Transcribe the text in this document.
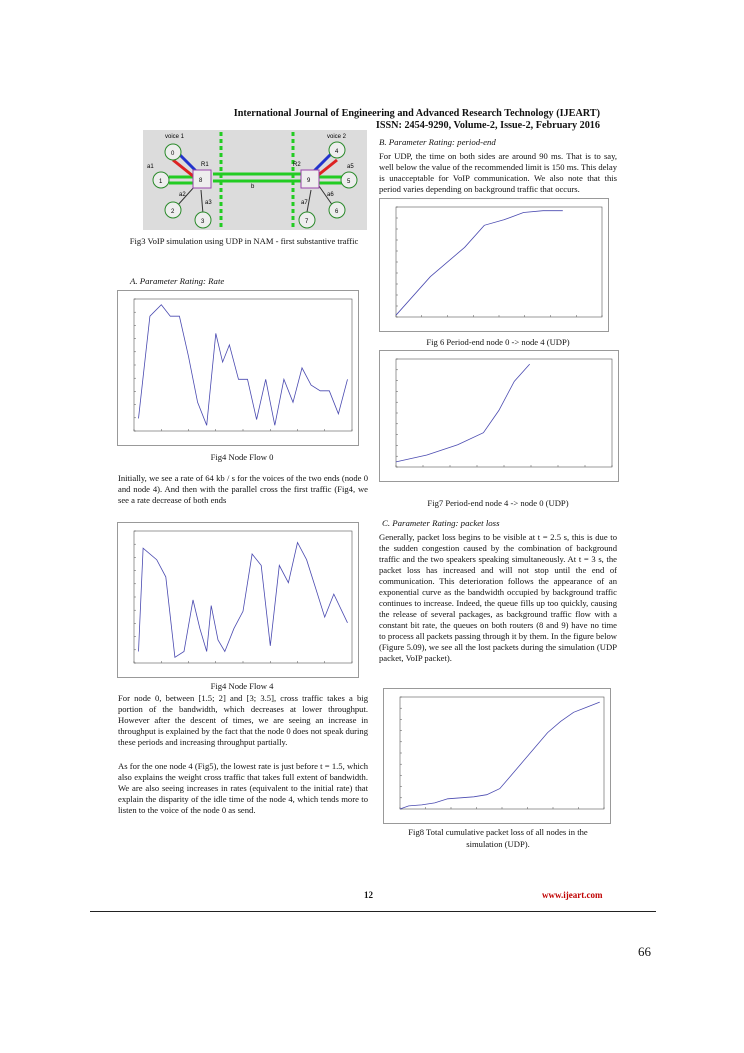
International Journal of Engineering and Advanced Research Technology (IJEART)
ISSN: 2454-9290, Volume-2, Issue-2, February 2016
8	9
0
1
2
3
4
5
6
7
voice 1	voice 2
a1
a2
a3
a5
a6
a7
R1	R2
b
Fig3 VoIP simulation using UDP in NAM - first substantive traffic
A. Parameter Rating: Rate
Fig4 Node Flow 0
Initially, we see a rate of 64 kb / s for the voices of the two ends (node 0 and node 4). And then with the parallel cross the first traffic (Fig4, we see a rate decrease of both ends
Fig4 Node Flow 4
For node 0, between [1.5; 2] and [3; 3.5], cross traffic takes a big portion of the bandwidth, which decreases at lower throughput. However after the descent of times, we are seeing an increase in throughput is explained by the fact that the node 0 does not speak during these periods and increasing throughput partially.
As for the one node 4 (Fig5), the lowest rate is just before t = 1.5, which also explains the weight cross traffic that takes full extent of bandwidth. We are also seeing increases in rates (equivalent to the initial rate) that explain the disparity of the idle time of the node 4, which tends more to listen to the voice of the node 0 as send.
B. Parameter Rating: period-end
For UDP, the time on both sides are around 90 ms. That is to say, well below the value of the recommended limit is 150 ms. This delay is unacceptable for VoIP communication. We also note that this period varies depending on background traffic that occurs.
Fig 6 Period-end node 0 -> node 4 (UDP)
Fig7 Period-end node 4 -> node 0 (UDP)
C. Parameter Rating: packet loss
Generally, packet loss begins to be visible at t = 2.5 s, this is due to the sudden congestion caused by the combination of background traffic and the two speakers speaking simultaneously. At t = 3 s, the packet loss has increased and will not stop until the end of communication. This deterioration follows the appearance of an exponential curve as the bandwidth occupied by background traffic continues to increase. Indeed, the queue fills up too quickly, causing the release of several packages, as background traffic flow with a constant bit rate, the queues on both routers (8 and 9) have no time to process all packets passing through it by them. In the figure below (Figure 5.09), we see all the lost packets during the simulation (UDP packet, VoIP packet).
Fig8 Total cumulative packet loss of all nodes in the
simulation (UDP).
12	www.ijeart.com
66
